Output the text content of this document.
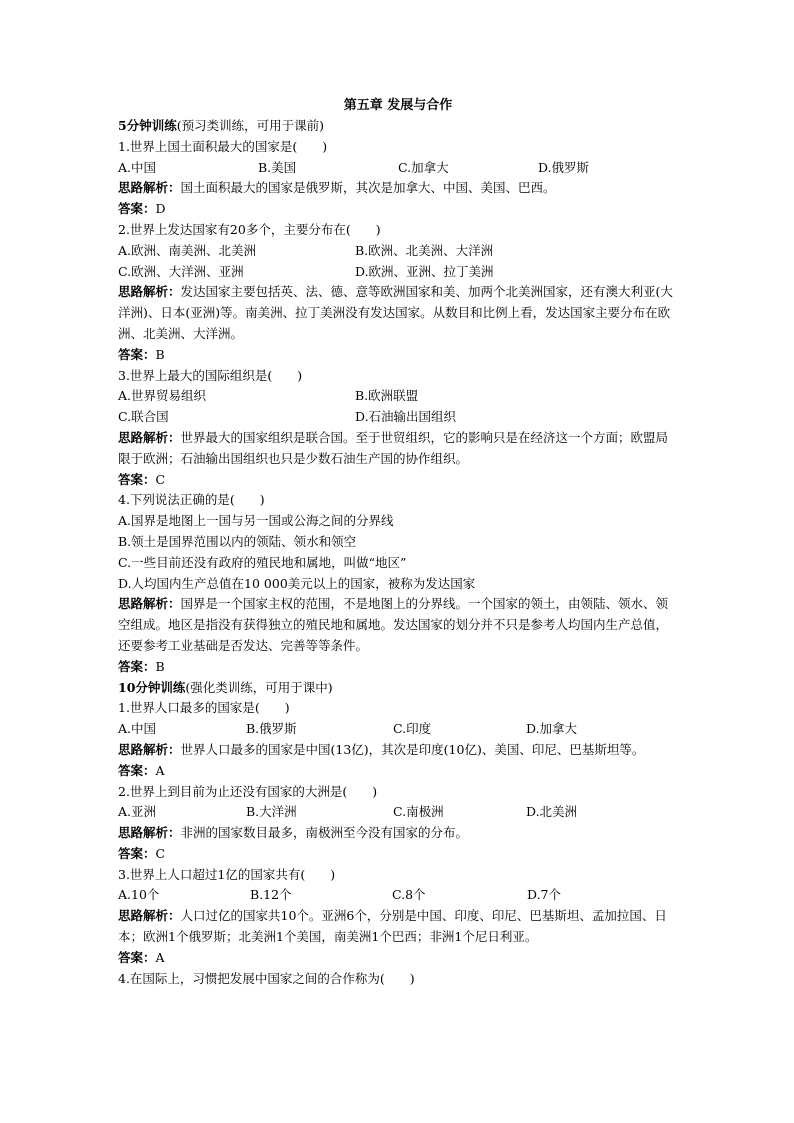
第五章 发展与合作
5分钟训练(预习类训练，可用于课前)
1.世界上国土面积最大的国家是(　　)
A.中国	B.美国	C.加拿大	D.俄罗斯
思路解析：国土面积最大的国家是俄罗斯，其次是加拿大、中国、美国、巴西。
答案：D
2.世界上发达国家有20多个，主要分布在(　　)
A.欧洲、南美洲、北美洲	B.欧洲、北美洲、大洋洲
C.欧洲、大洋洲、亚洲	D.欧洲、亚洲、拉丁美洲
思路解析：发达国家主要包括英、法、德、意等欧洲国家和美、加两个北美洲国家，还有澳大利亚(大洋洲)、日本(亚洲)等。南美洲、拉丁美洲没有发达国家。从数目和比例上看，发达国家主要分布在欧洲、北美洲、大洋洲。
答案：B
3.世界上最大的国际组织是(　　)
A.世界贸易组织	B.欧洲联盟
C.联合国	D.石油输出国组织
思路解析：世界最大的国家组织是联合国。至于世贸组织，它的影响只是在经济这一个方面；欧盟局限于欧洲；石油输出国组织也只是少数石油生产国的协作组织。
答案：C
4.下列说法正确的是(　　)
A.国界是地图上一国与另一国或公海之间的分界线
B.领土是国界范围以内的领陆、领水和领空
C.一些目前还没有政府的殖民地和属地，叫做“地区”
D.人均国内生产总值在10 000美元以上的国家，被称为发达国家
思路解析：国界是一个国家主权的范围，不是地图上的分界线。一个国家的领土，由领陆、领水、领空组成。地区是指没有获得独立的殖民地和属地。发达国家的划分并不只是参考人均国内生产总值，还要参考工业基础是否发达、完善等等条件。
答案：B
10分钟训练(强化类训练，可用于课中)
1.世界人口最多的国家是(　　)
A.中国	B.俄罗斯	C.印度	D.加拿大
思路解析：世界人口最多的国家是中国(13亿)，其次是印度(10亿)、美国、印尼、巴基斯坦等。
答案：A
2.世界上到目前为止还没有国家的大洲是(　　)
A.亚洲	B.大洋洲	C.南极洲	D.北美洲
思路解析：非洲的国家数目最多，南极洲至今没有国家的分布。
答案：C
3.世界上人口超过1亿的国家共有(　　)
A.10个	B.12个	C.8个	D.7个
思路解析：人口过亿的国家共10个。亚洲6个，分别是中国、印度、印尼、巴基斯坦、孟加拉国、日本；欧洲1个俄罗斯；北美洲1个美国，南美洲1个巴西；非洲1个尼日利亚。
答案：A
4.在国际上，习惯把发展中国家之间的合作称为(　　)
